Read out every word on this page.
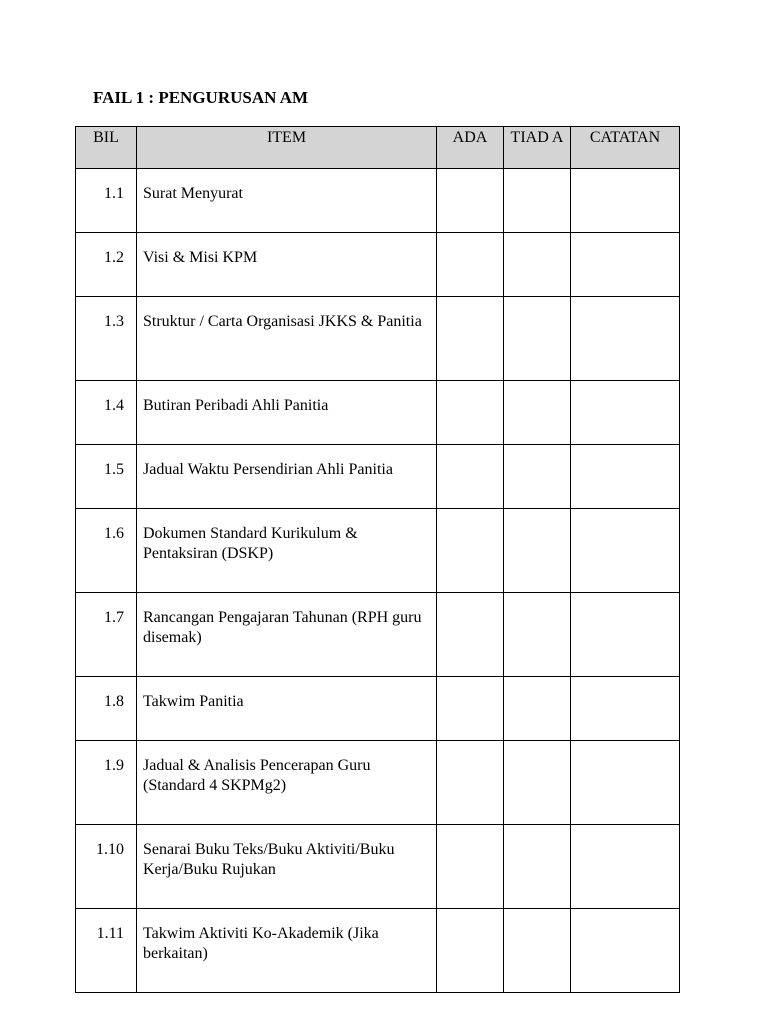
FAIL 1 : PENGURUSAN AM
BIL	ITEM	ADA	TIAD A	CATATAN

1.1	Surat Menyurat			
1.2	Visi & Misi KPM			
1.3	Struktur / Carta Organisasi JKKS & Panitia			
1.4	Butiran Peribadi Ahli Panitia			
1.5	Jadual Waktu Persendirian Ahli Panitia			
1.6	Dokumen Standard Kurikulum & Pentaksiran (DSKP)			
1.7	Rancangan Pengajaran Tahunan (RPH guru disemak)			
1.8	Takwim Panitia			
1.9	Jadual & Analisis Pencerapan Guru (Standard 4 SKPMg2)			
1.10	Senarai Buku Teks/Buku Aktiviti/Buku Kerja/Buku Rujukan			
1.11	Takwim Aktiviti Ko-Akademik (Jika berkaitan)			
